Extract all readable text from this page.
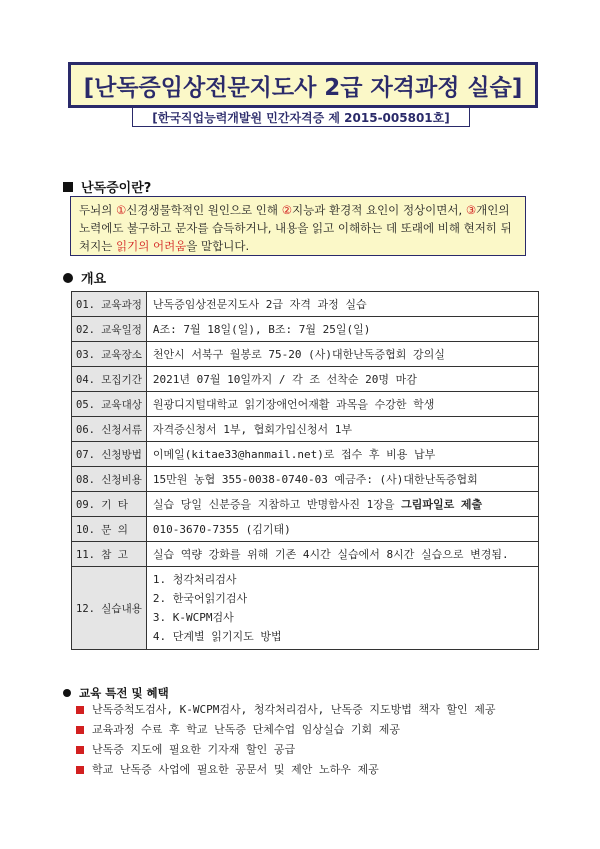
[난독증임상전문지도사 2급 자격과정 실습]
[한국직업능력개발원 민간자격증 제 2015-005801호]
난독증이란?
두뇌의 ①신경생물학적인 원인으로 인해 ②지능과 환경적 요인이 정상이면서, ③개인의 노력에도 불구하고 문자를 습득하거나, 내용을 읽고 이해하는 데 또래에 비해 현저히 뒤쳐지는 읽기의 어려움을 말합니다.
개요
01. 교육과정	난독증임상전문지도사 2급 자격 과정 실습
02. 교육일정	A조: 7월 18일(일), B조: 7월 25일(일)
03. 교육장소	천안시 서북구 월봉로 75-20 (사)대한난독증협회 강의실
04. 모집기간	2021년 07월 10일까지 / 각 조 선착순 20명 마감
05. 교육대상	원광디지털대학교 읽기장애언어재활 과목을 수강한 학생
06. 신청서류	자격증신청서 1부, 협회가입신청서 1부
07. 신청방법	이메일(kitae33@hanmail.net)로 접수 후 비용 납부
08. 신청비용	15만원 농협 355-0038-0740-03 예금주: (사)대한난독증협회
09. 기 타	실습 당일 신분증을 지참하고 반명함사진 1장을 그림파일로 제출
10. 문 의	010-3670-7355 (김기태)
11. 참 고	실습 역량 강화를 위해 기존 4시간 실습에서 8시간 실습으로 변경됨.
12. 실습내용	1. 청각처리검사
2. 한국어읽기검사
3. K-WCPM검사
4. 단계별 읽기지도 방법
교육 특전 및 혜택
난독증척도검사, K-WCPM검사, 청각처리검사, 난독증 지도방법 책자 할인 제공
교육과정 수료 후 학교 난독증 단체수업 임상실습 기회 제공
난독증 지도에 필요한 기자재 할인 공급
학교 난독증 사업에 필요한 공문서 및 제안 노하우 제공
